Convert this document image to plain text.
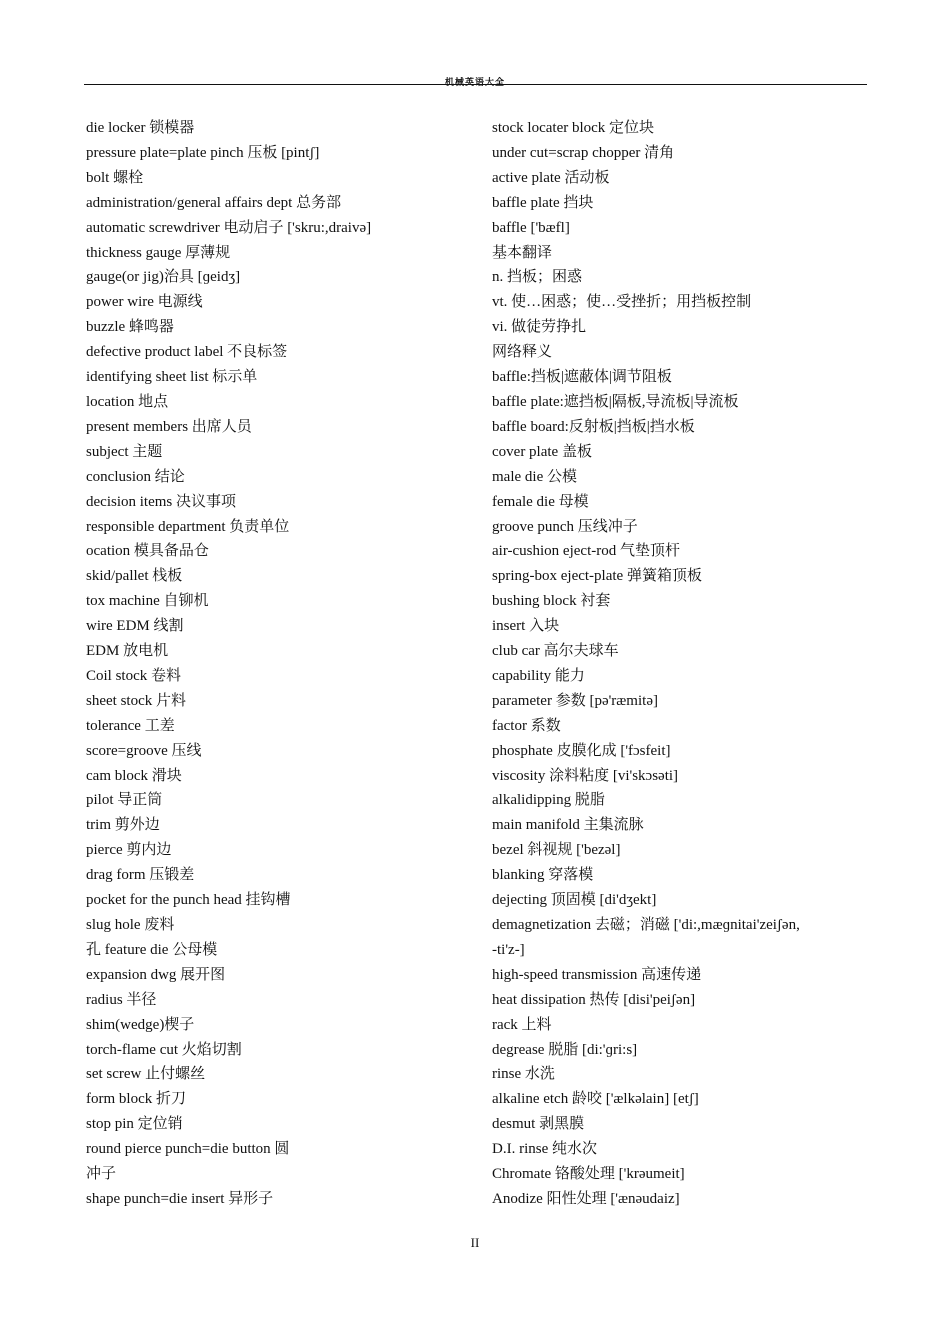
机械英语大全
die locker 锁模器
pressure plate=plate pinch 压板 [pintʃ]
bolt 螺栓
administration/general affairs dept 总务部
automatic screwdriver 电动启子 ['skru:,draivə]
thickness gauge 厚薄规
gauge(or jig)治具 [ɡeidʒ]
power wire 电源线
buzzle 蜂鸣器
defective product label 不良标签
identifying sheet list 标示单
location 地点
present members 出席人员
subject 主题
conclusion 结论
decision items 决议事项
responsible department 负责单位
ocation 模具备品仓
skid/pallet 栈板
tox machine 自铆机
wire EDM 线割
EDM 放电机
Coil stock 卷料
sheet stock 片料
tolerance 工差
score=groove 压线
cam block 滑块
pilot 导正筒
trim 剪外边
pierce 剪内边
drag form 压锻差
pocket for the punch head 挂钩槽
slug hole 废料
孔 feature die 公母模
expansion dwg 展开图
radius 半径
shim(wedge)楔子
torch-flame cut 火焰切割
set screw 止付螺丝
form block 折刀
stop pin 定位销
round pierce punch=die button 圆
冲子
shape punch=die insert 异形子
stock locater block 定位块
under cut=scrap chopper 清角
active plate 活动板
baffle plate 挡块
baffle ['bæfl]
基本翻译
n. 挡板；困惑
vt. 使…困惑；使…受挫折；用挡板控制
vi. 做徒劳挣扎
网络释义
baffle:挡板|遮蔽体|调节阻板
baffle plate:遮挡板|隔板,导流板|导流板
baffle board:反射板|挡板|挡水板
cover plate 盖板
male die 公模
female die 母模
groove punch 压线冲子
air-cushion eject-rod 气垫顶杆
spring-box eject-plate 弹簧箱顶板
bushing block 衬套
insert 入块
club car 高尔夫球车
capability 能力
parameter 参数 [pə'ræmitə]
factor 系数
phosphate 皮膜化成 ['fɔsfeit]
viscosity 涂料粘度 [vi'skɔsəti]
alkalidipping 脱脂
main manifold 主集流脉
bezel 斜视规 ['bezəl]
blanking 穿落模
dejecting 顶固模 [di'dʒekt]
demagnetization 去磁；消磁 ['di:,mæɡnitai'zeiʃən,
-ti'z-]
high-speed transmission 高速传递
heat dissipation 热传 [disi'peiʃən]
rack 上料
degrease 脱脂 [di:'ɡri:s]
rinse 水洗
alkaline etch 龄咬 ['ælkəlain] [etʃ]
desmut 剥黑膜
D.I. rinse 纯水次
Chromate 铬酸处理 ['krəumeit]
Anodize 阳性处理 ['ænəudaiz]
II
